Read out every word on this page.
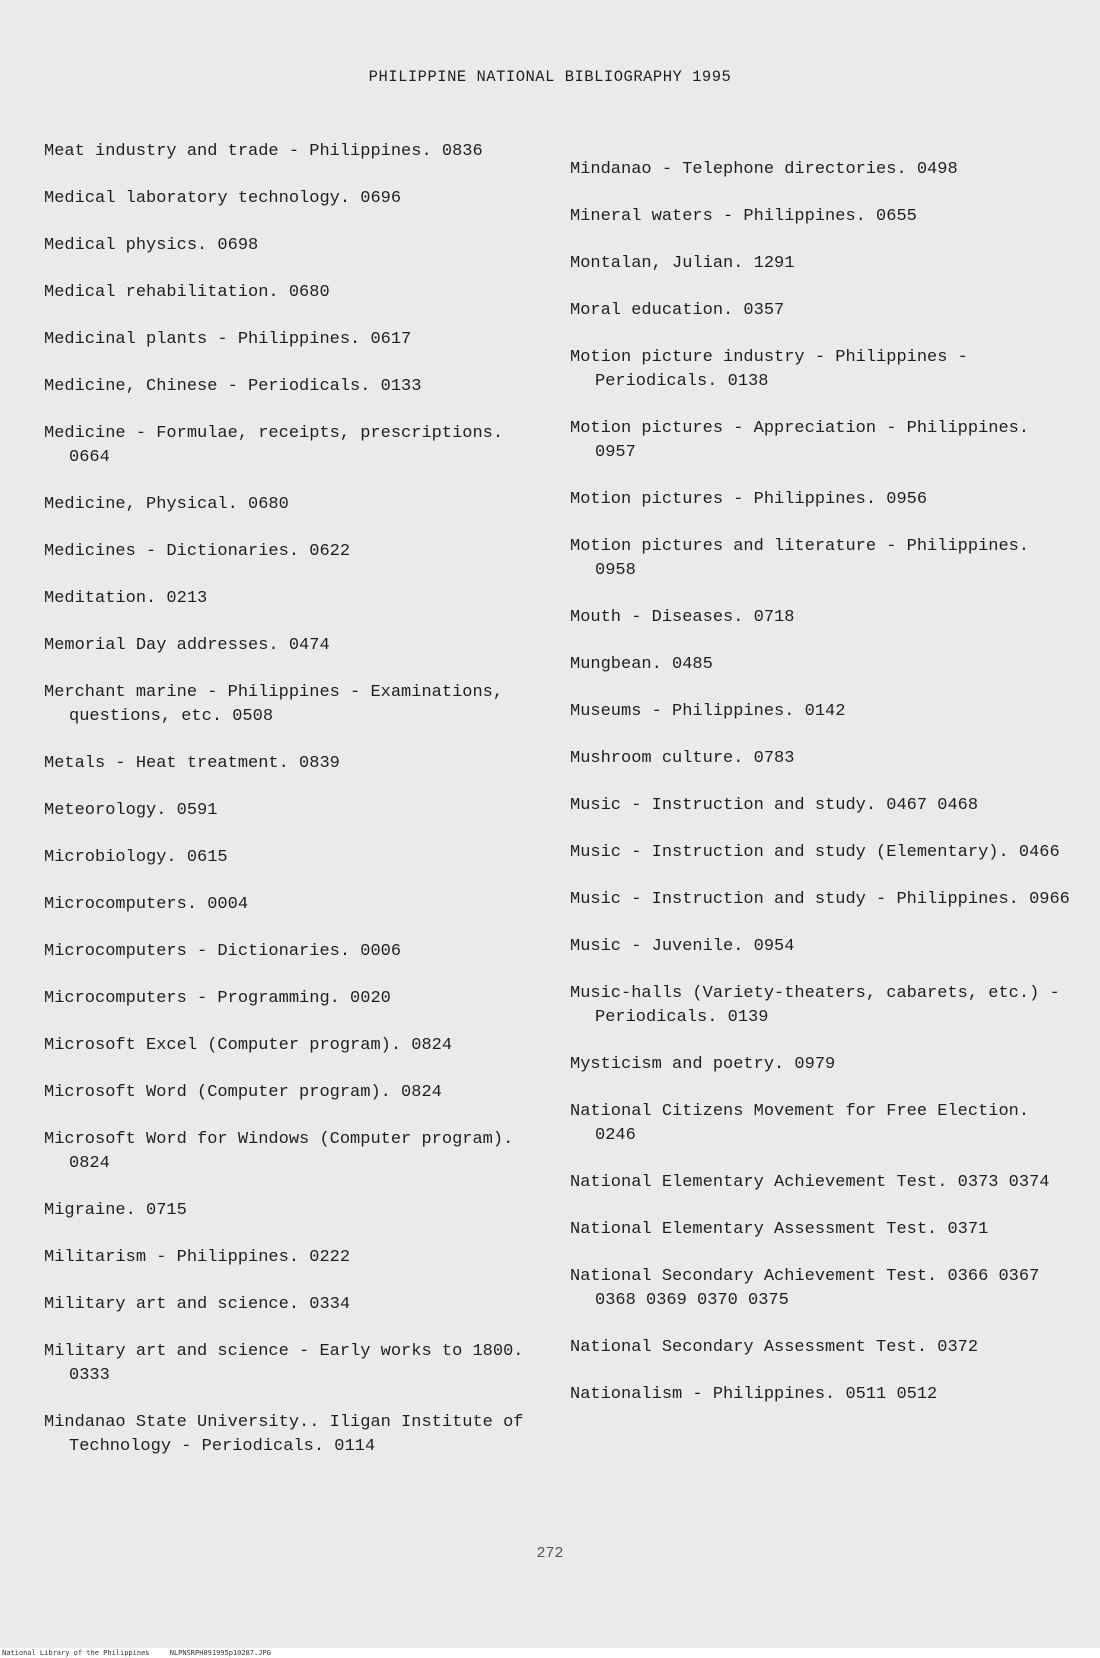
PHILIPPINE NATIONAL BIBLIOGRAPHY 1995

Meat industry and trade - Philippines. 0836

Medical laboratory technology. 0696

Medical physics. 0698

Medical rehabilitation. 0680

Medicinal plants - Philippines. 0617

Medicine, Chinese - Periodicals. 0133

Medicine - Formulae, receipts, prescriptions. 0664

Medicine, Physical. 0680

Medicines - Dictionaries. 0622

Meditation. 0213

Memorial Day addresses. 0474

Merchant marine - Philippines - Examinations, questions, etc. 0508

Metals - Heat treatment. 0839

Meteorology. 0591

Microbiology. 0615

Microcomputers. 0004

Microcomputers - Dictionaries. 0006

Microcomputers - Programming. 0020

Microsoft Excel (Computer program). 0824

Microsoft Word (Computer program). 0824

Microsoft Word for Windows (Computer program). 0824

Migraine. 0715

Militarism - Philippines. 0222

Military art and science. 0334

Military art and science - Early works to 1800. 0333

Mindanao State University.. Iligan Institute of Technology - Periodicals. 0114

Mindanao - Telephone directories. 0498

Mineral waters - Philippines. 0655

Montalan, Julian. 1291

Moral education. 0357

Motion picture industry - Philippines - Periodicals. 0138

Motion pictures - Appreciation - Philippines. 0957

Motion pictures - Philippines. 0956

Motion pictures and literature - Philippines. 0958

Mouth - Diseases. 0718

Mungbean. 0485

Museums - Philippines. 0142

Mushroom culture. 0783

Music - Instruction and study. 0467 0468

Music - Instruction and study (Elementary). 0466

Music - Instruction and study - Philippines. 0966

Music - Juvenile. 0954

Music-halls (Variety-theaters, cabarets, etc.) - Periodicals. 0139

Mysticism and poetry. 0979

National Citizens Movement for Free Election. 0246

National Elementary Achievement Test. 0373 0374

National Elementary Assessment Test. 0371

National Secondary Achievement Test. 0366 0367 0368 0369 0370 0375

National Secondary Assessment Test. 0372

Nationalism - Philippines. 0511 0512

272
National Library of the Philippines	NLPNSRPH091995p10287.JPG
